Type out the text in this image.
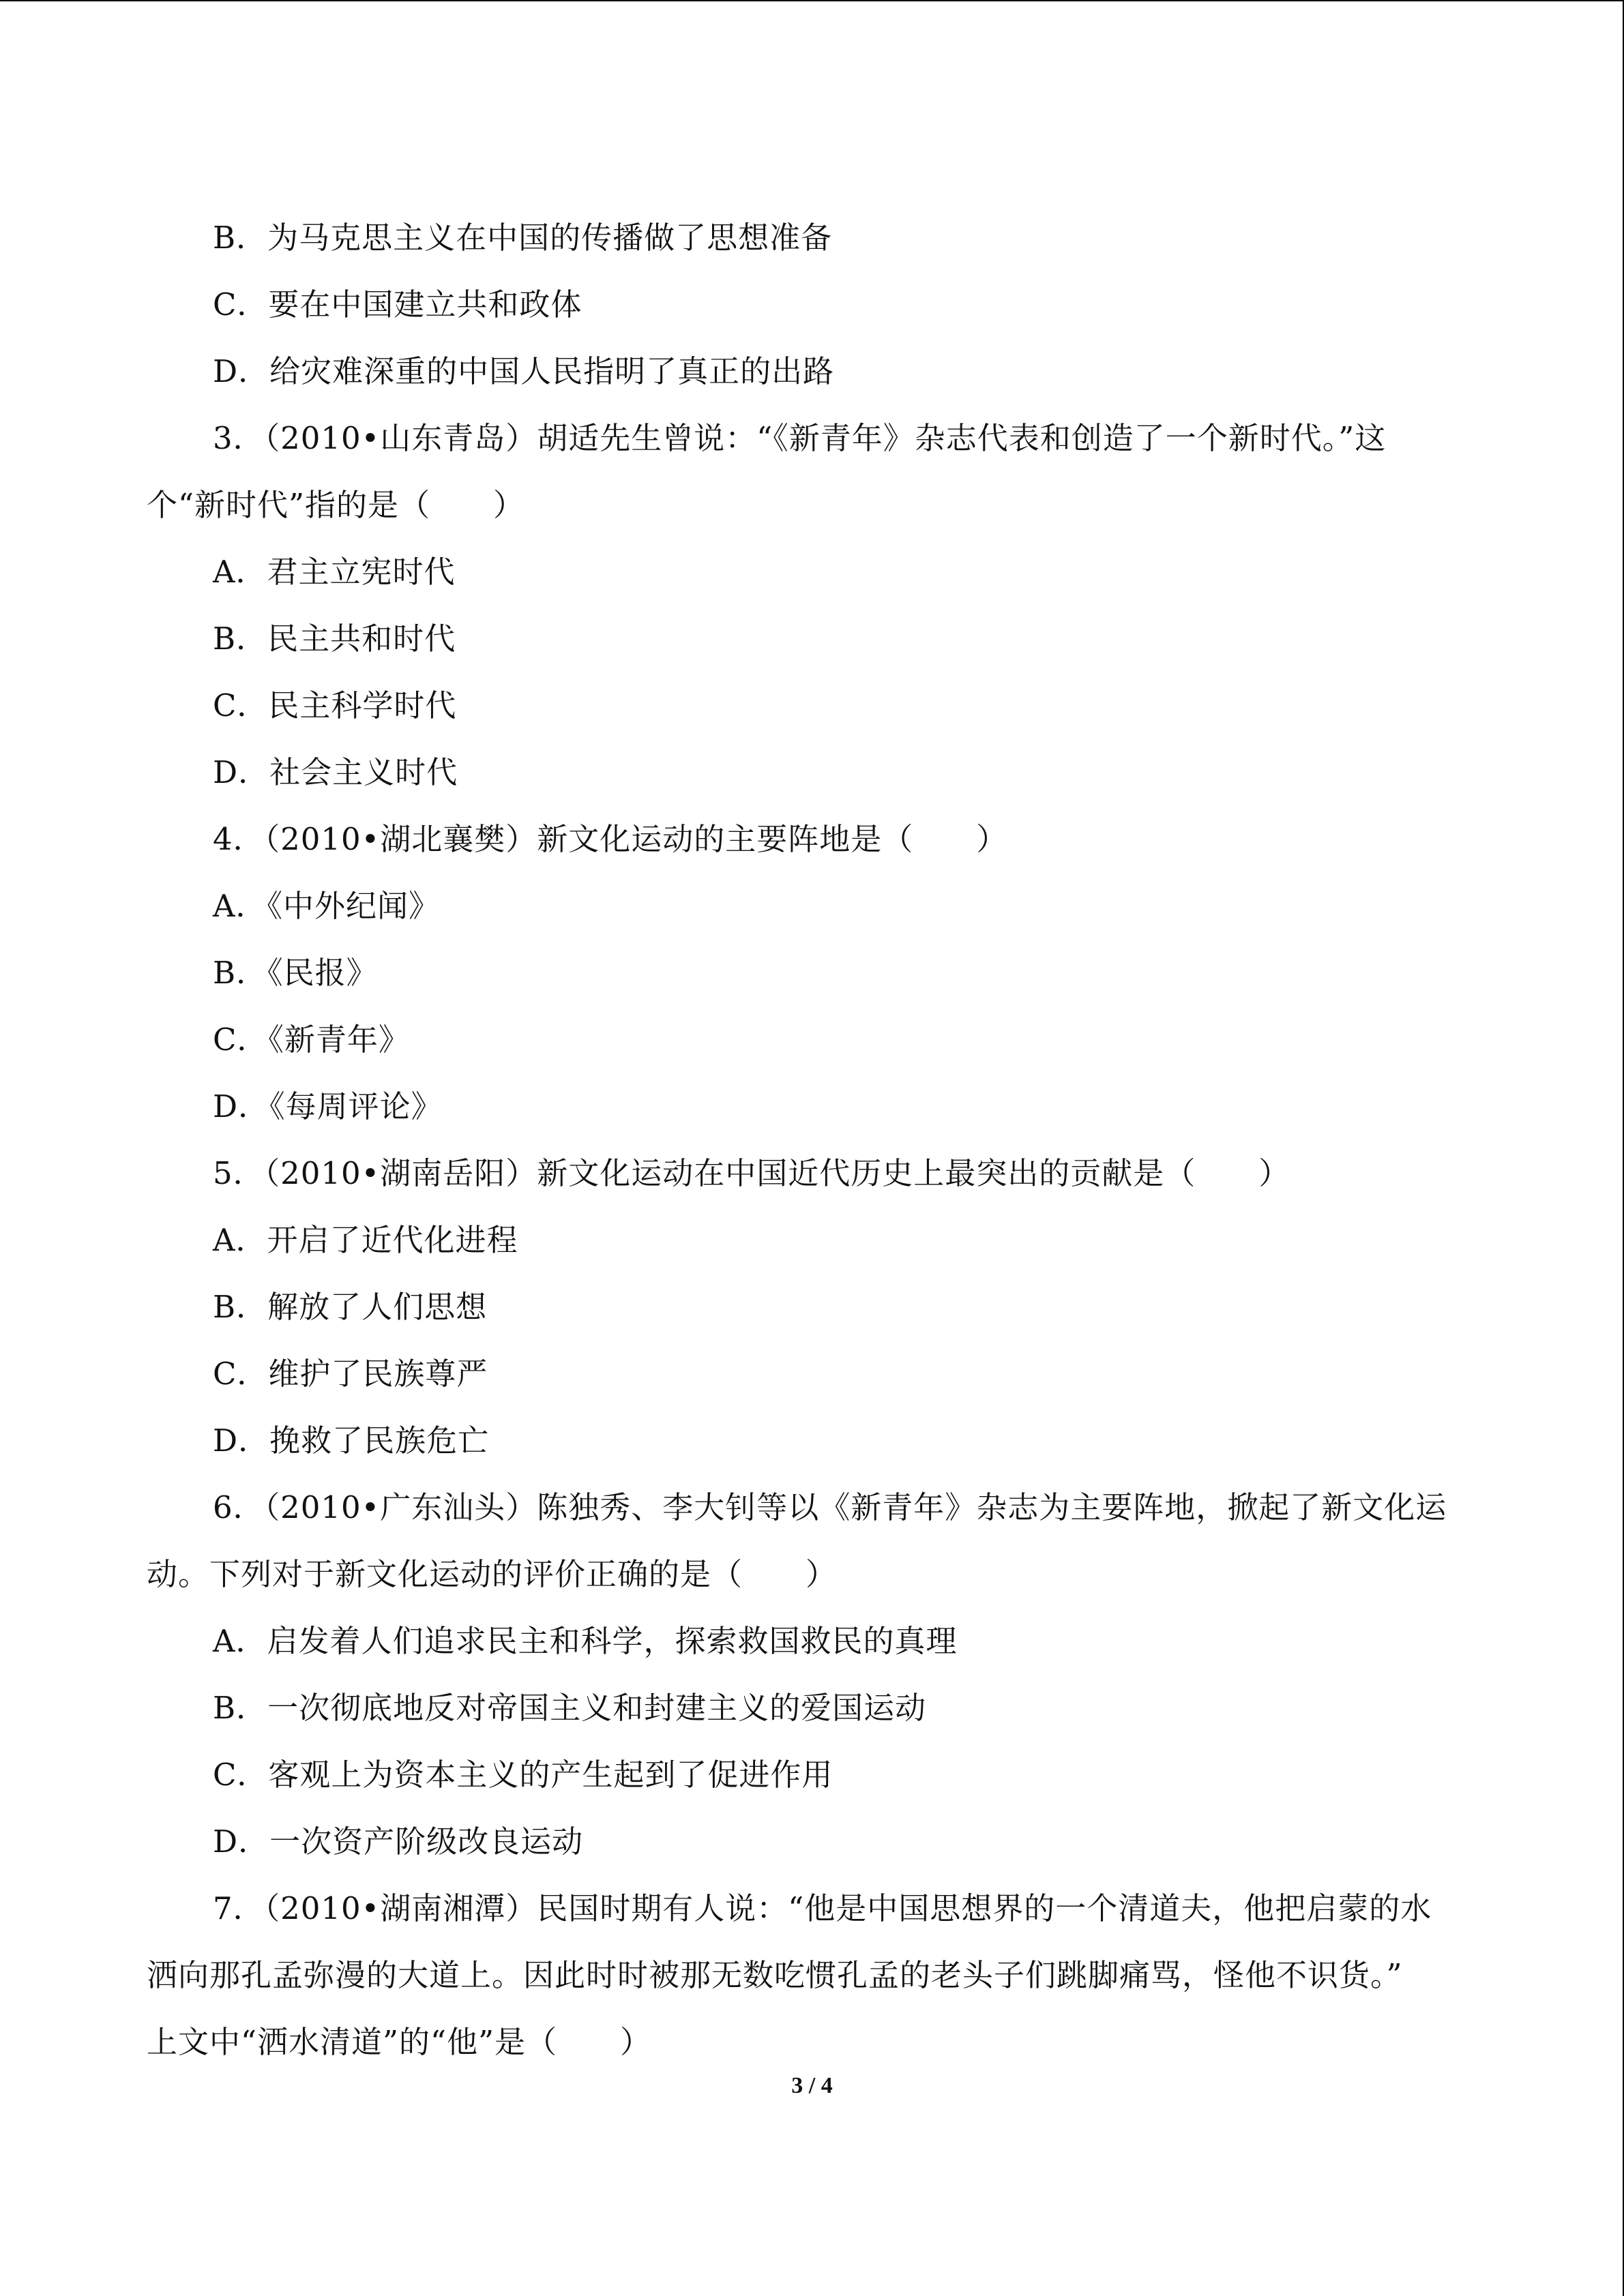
B．为马克思主义在中国的传播做了思想准备
C．要在中国建立共和政体
D．给灾难深重的中国人民指明了真正的出路
3．（2010•山东青岛）胡适先生曾说：“《新青年》杂志代表和创造了一个新时代。”这
个“新时代”指的是（　　）
A．君主立宪时代
B．民主共和时代
C．民主科学时代
D．社会主义时代
4．（2010•湖北襄樊）新文化运动的主要阵地是（　　）
A．《中外纪闻》
B．《民报》
C．《新青年》
D．《每周评论》
5．（2010•湖南岳阳）新文化运动在中国近代历史上最突出的贡献是（　　）
A．开启了近代化进程
B．解放了人们思想
C．维护了民族尊严
D．挽救了民族危亡
6．（2010•广东汕头）陈独秀、李大钊等以《新青年》杂志为主要阵地，掀起了新文化运
动。下列对于新文化运动的评价正确的是（　　）
A．启发着人们追求民主和科学，探索救国救民的真理
B．一次彻底地反对帝国主义和封建主义的爱国运动
C．客观上为资本主义的产生起到了促进作用
D．一次资产阶级改良运动
7．（2010•湖南湘潭）民国时期有人说：“他是中国思想界的一个清道夫，他把启蒙的水
洒向那孔孟弥漫的大道上。因此时时被那无数吃惯孔孟的老头子们跳脚痛骂，怪他不识货。”
上文中“洒水清道”的“他”是（　　）
3 / 4
